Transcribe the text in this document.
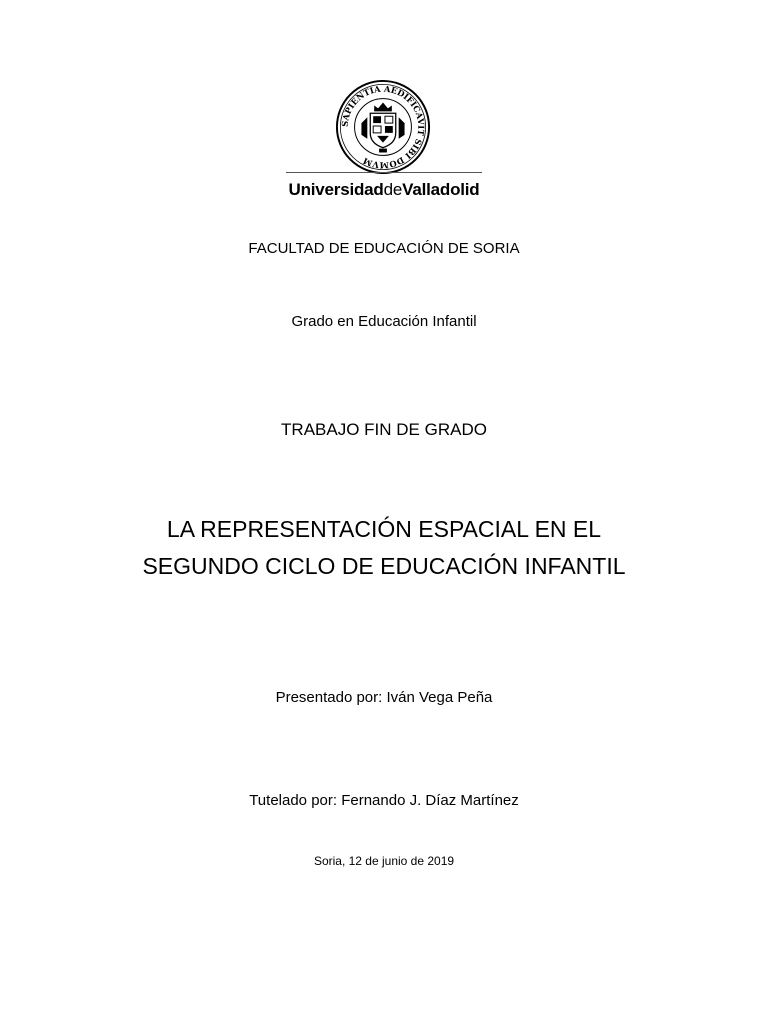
SAPIENTIA AEDIFICAVIT SIBI DOMVM
UniversidaddeValladolid
FACULTAD DE EDUCACIÓN DE SORIA
Grado en Educación Infantil
TRABAJO FIN DE GRADO
LA REPRESENTACIÓN ESPACIAL EN EL
SEGUNDO CICLO DE EDUCACIÓN INFANTIL
Presentado por: Iván Vega Peña
Tutelado por: Fernando J. Díaz Martínez
Soria, 12 de junio de 2019
